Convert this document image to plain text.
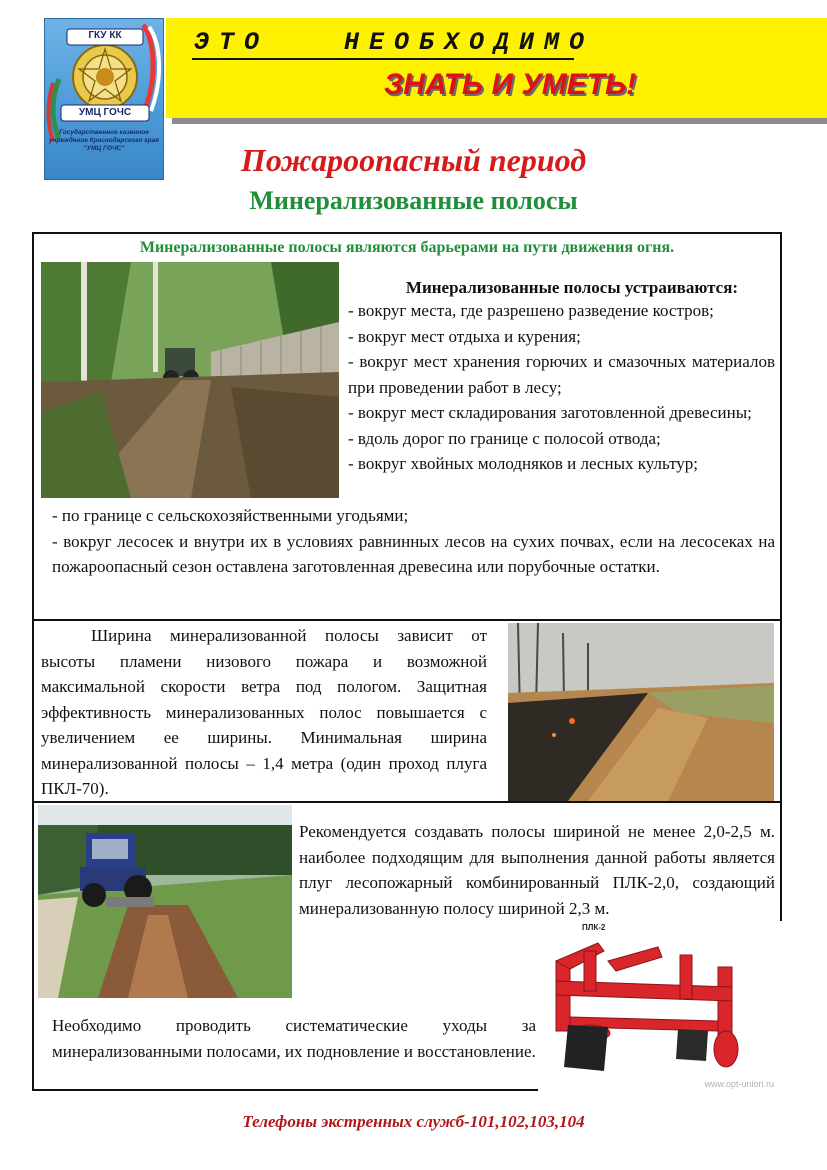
ГКУ КК
УМЦ ГОЧС
Государственное казенное учреждение Краснодарского края "УМЦ ГОЧС"
ЭТО   НЕОБХОДИМО
ЗНАТЬ И УМЕТЬ!
Пожароопасный период
Минерализованные полосы
Минерализованные полосы являются барьерами на пути движения огня.
Минерализованные полосы устраиваются:
- вокруг места, где разрешено разведение костров;
- вокруг мест отдыха и курения;
- вокруг мест хранения горючих и смазочных материалов при проведении работ в лесу;
- вокруг мест складирования заготовленной древесины;
- вдоль дорог по границе с полосой отвода;
- вокруг хвойных молодняков и лесных культур;
- по границе с сельскохозяйственными угодьями;
- вокруг лесосек и внутри их в условиях равнинных лесов на сухих почвах, если на лесосеках на пожароопасный сезон оставлена заготовленная древесина или порубочные остатки.
Ширина минерализованной полосы зависит от высоты пламени низового пожара и возможной максимальной скорости ветра под пологом. Защитная эффективность минерализованных полос повышается с увеличением ее ширины. Минимальная ширина минерализованной полосы – 1,4 метра (один проход плуга ПКЛ-70).
Рекомендуется создавать полосы шириной не менее 2,0-2,5 м. наиболее подходящим для выполнения данной работы является плуг лесопожарный комбинированный ПЛК-2,0, создающий минерализованную полосу шириной 2,3 м.
Необходимо проводить систематические уходы за минерализованными полосами, их подновление и восстановление.
ПЛК-2
www.opt-union.ru
Телефоны экстренных служб-101,102,103,104
